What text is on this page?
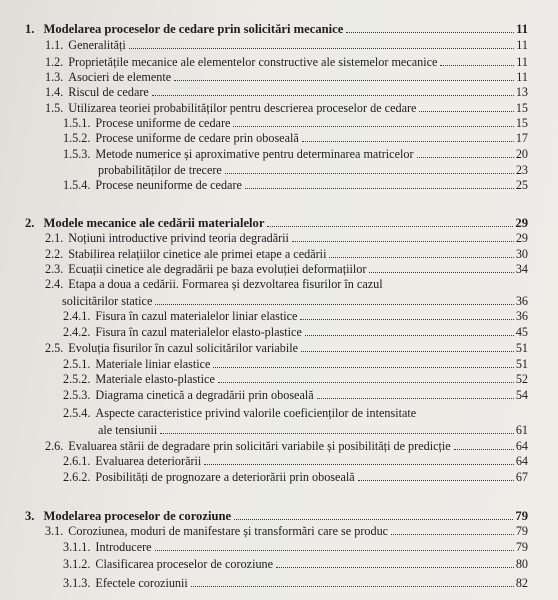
1. Modelarea proceselor de cedare prin solicitări mecanice	11
1.1. Generalități	11
1.2. Proprietățile mecanice ale elementelor constructive ale sistemelor mecanice	11
1.3. Asocieri de elemente	11
1.4. Riscul de cedare	13
1.5. Utilizarea teoriei probabilităților pentru descrierea proceselor de cedare	15
1.5.1. Procese uniforme de cedare	15
1.5.2. Procese uniforme de cedare prin oboseală	17
1.5.3. Metode numerice și aproximative pentru determinarea matricelor	20
probabilităților de trecere	23
1.5.4. Procese neuniforme de cedare	25
2. Modele mecanice ale cedării materialelor	29
2.1. Noțiuni introductive privind teoria degradării	29
2.2. Stabilirea relațiilor cinetice ale primei etape a cedării	30
2.3. Ecuații cinetice ale degradării pe baza evoluției deformațiilor	34
2.4. Etapa a doua a cedării. Formarea și dezvoltarea fisurilor în cazul
solicitărilor statice	36
2.4.1. Fisura în cazul materialelor liniar elastice	36
2.4.2. Fisura în cazul materialelor elasto-plastice	45
2.5. Evoluția fisurilor în cazul solicitărilor variabile	51
2.5.1. Materiale liniar elastice	51
2.5.2. Materiale elasto-plastice	52
2.5.3. Diagrama cinetică a degradării prin oboseală	54
2.5.4. Aspecte caracteristice privind valorile coeficienților de intensitate
ale tensiunii	61
2.6. Evaluarea stării de degradare prin solicitări variabile și posibilități de predicție	64
2.6.1. Evaluarea deteriorării	64
2.6.2. Posibilități de prognozare a deteriorării prin oboseală	67
3. Modelarea proceselor de coroziune	79
3.1. Coroziunea, moduri de manifestare și transformări care se produc	79
3.1.1. Introducere	79
3.1.2. Clasificarea proceselor de coroziune	80
3.1.3. Efectele coroziunii	82
